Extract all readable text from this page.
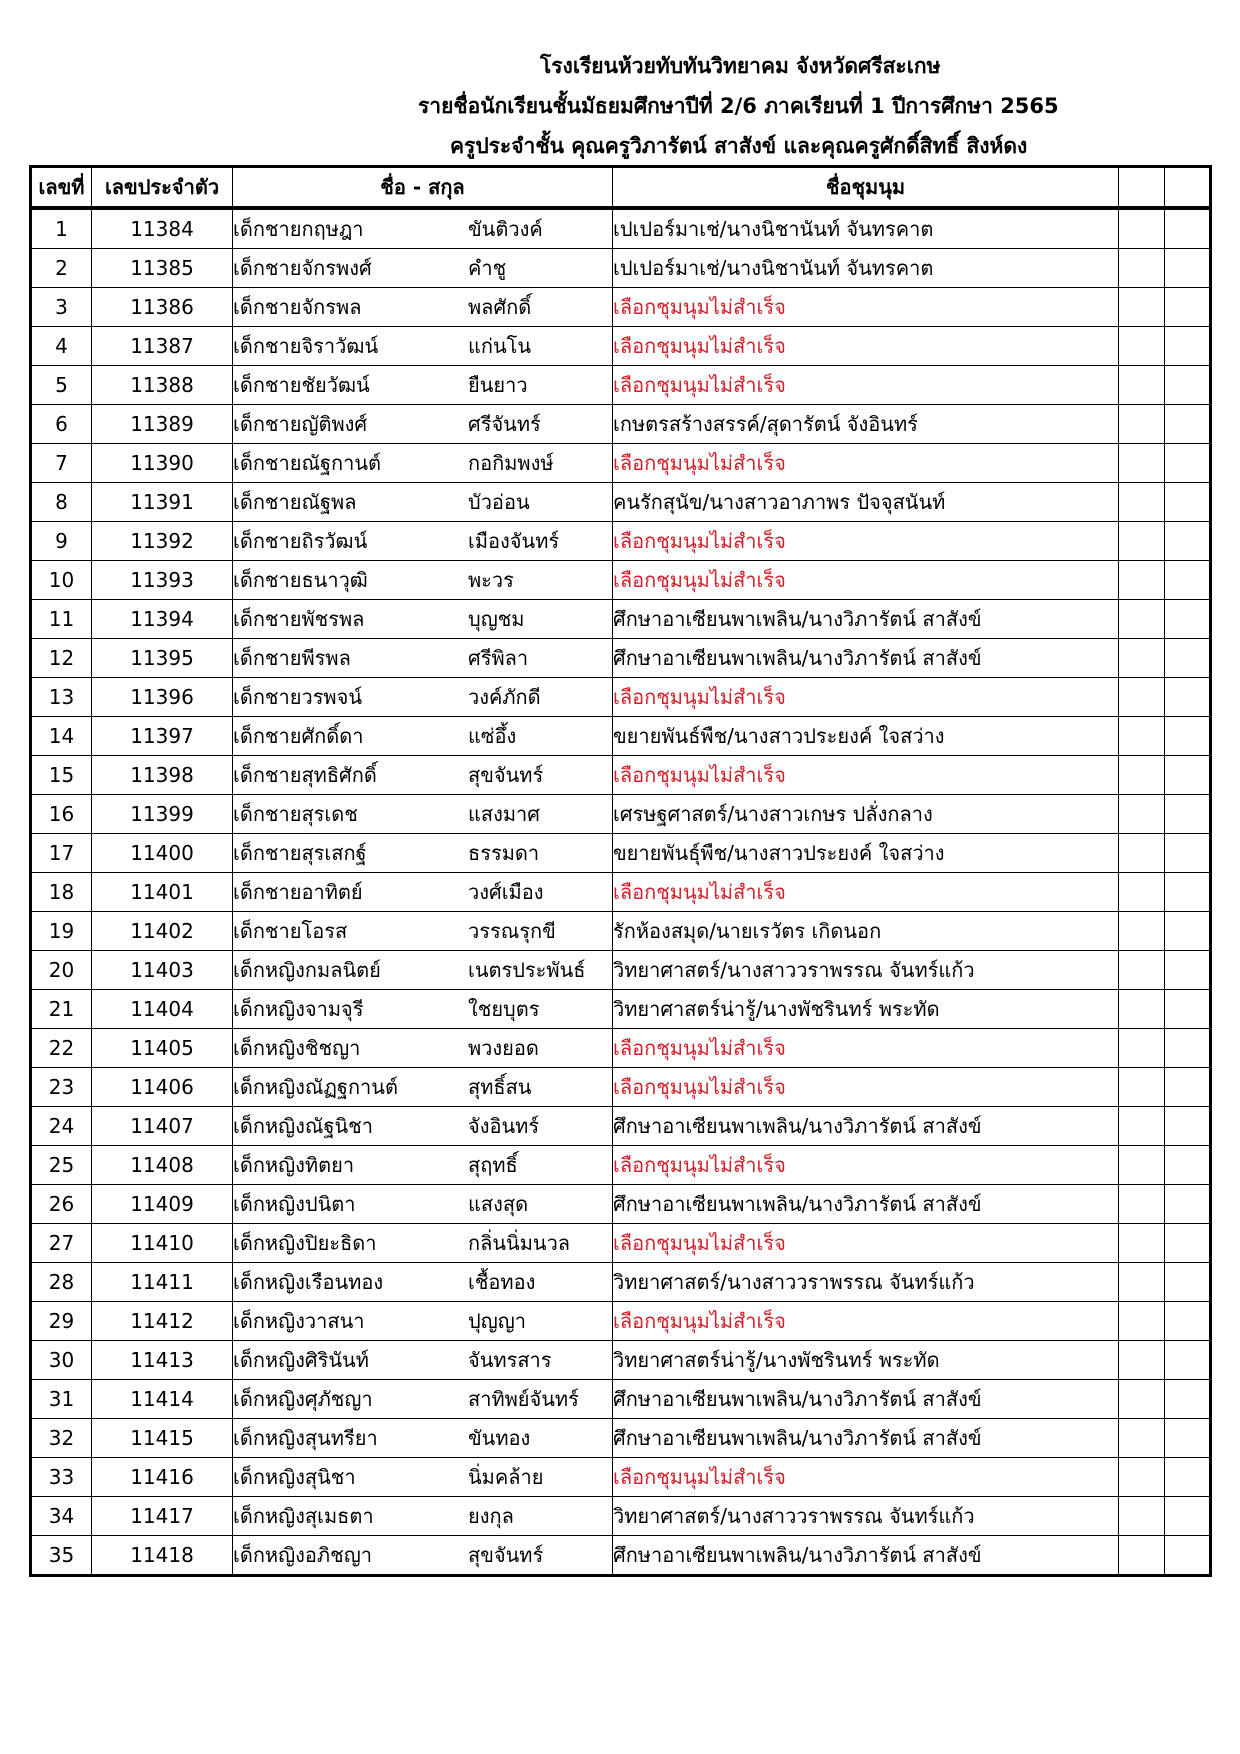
โรงเรียนห้วยทับทันวิทยาคม จังหวัดศรีสะเกษ
รายชื่อนักเรียนชั้นมัธยมศึกษาปีที่ 2/6 ภาคเรียนที่ 1 ปีการศึกษา 2565
ครูประจำชั้น คุณครูวิภารัตน์ สาสังข์ และคุณครูศักดิ์สิทธิ์ สิงห์ดง
เลขที่	เลขประจำตัว	ชื่อ - สกุล	ชื่อชุมนุม		
1	11384	เด็กชายกฤษฎา ขันติวงค์	เปเปอร์มาเช่/นางนิชานันท์ จันทรคาต		
2	11385	เด็กชายจักรพงศ์ คำชู	เปเปอร์มาเช่/นางนิชานันท์ จันทรคาต		
3	11386	เด็กชายจักรพล พลศักดิ์	เลือกชุมนุมไม่สำเร็จ		
4	11387	เด็กชายจิราวัฒน์ แก่นโน	เลือกชุมนุมไม่สำเร็จ		
5	11388	เด็กชายชัยวัฒน์ ยืนยาว	เลือกชุมนุมไม่สำเร็จ		
6	11389	เด็กชายญัติพงศ์ ศรีจันทร์	เกษตรสร้างสรรค์/สุดารัตน์ จังอินทร์		
7	11390	เด็กชายณัฐกานต์ กอกิมพงษ์	เลือกชุมนุมไม่สำเร็จ		
8	11391	เด็กชายณัฐพล บัวอ่อน	คนรักสุนัข/นางสาวอาภาพร ปัจจุสนันท์		
9	11392	เด็กชายถิรวัฒน์ เมืองจันทร์	เลือกชุมนุมไม่สำเร็จ		
10	11393	เด็กชายธนาวุฒิ พะวร	เลือกชุมนุมไม่สำเร็จ		
11	11394	เด็กชายพัชรพล บุญชม	ศึกษาอาเซียนพาเพลิน/นางวิภารัตน์ สาสังข์		
12	11395	เด็กชายพีรพล ศรีพิลา	ศึกษาอาเซียนพาเพลิน/นางวิภารัตน์ สาสังข์		
13	11396	เด็กชายวรพจน์ วงค์ภักดี	เลือกชุมนุมไม่สำเร็จ		
14	11397	เด็กชายศักดิ์ดา แซ่อึ้ง	ขยายพันธ์พืช/นางสาวประยงค์ ใจสว่าง		
15	11398	เด็กชายสุทธิศักดิ์ สุขจันทร์	เลือกชุมนุมไม่สำเร็จ		
16	11399	เด็กชายสุรเดช แสงมาศ	เศรษฐศาสตร์/นางสาวเกษร ปลั่งกลาง		
17	11400	เด็กชายสุรเสกฐ์ ธรรมดา	ขยายพันธุ์พืช/นางสาวประยงค์ ใจสว่าง		
18	11401	เด็กชายอาทิตย์ วงศ์เมือง	เลือกชุมนุมไม่สำเร็จ		
19	11402	เด็กชายโอรส วรรณรุกขี	รักห้องสมุด/นายเรวัตร เกิดนอก		
20	11403	เด็กหญิงกมลนิตย์ เนตรประพันธ์	วิทยาศาสตร์/นางสาววราพรรณ จันทร์แก้ว		
21	11404	เด็กหญิงจามจุรี ใชยบุตร	วิทยาศาสตร์น่ารู้/นางพัชรินทร์ พระทัด		
22	11405	เด็กหญิงชิชญา พวงยอด	เลือกชุมนุมไม่สำเร็จ		
23	11406	เด็กหญิงณัฏฐกานต์ สุทธิ์สน	เลือกชุมนุมไม่สำเร็จ		
24	11407	เด็กหญิงณัฐนิชา จังอินทร์	ศึกษาอาเซียนพาเพลิน/นางวิภารัตน์ สาสังข์		
25	11408	เด็กหญิงทิตยา สุฤทธิ์	เลือกชุมนุมไม่สำเร็จ		
26	11409	เด็กหญิงปนิตา แสงสุด	ศึกษาอาเซียนพาเพลิน/นางวิภารัตน์ สาสังข์		
27	11410	เด็กหญิงปิยะธิดา กลิ่นนิ่มนวล	เลือกชุมนุมไม่สำเร็จ		
28	11411	เด็กหญิงเรือนทอง เชื้อทอง	วิทยาศาสตร์/นางสาววราพรรณ จันทร์แก้ว		
29	11412	เด็กหญิงวาสนา ปุญญา	เลือกชุมนุมไม่สำเร็จ		
30	11413	เด็กหญิงศิรินันท์ จันทรสาร	วิทยาศาสตร์น่ารู้/นางพัชรินทร์ พระทัด		
31	11414	เด็กหญิงศุภัชญา สาทิพย์จันทร์	ศึกษาอาเซียนพาเพลิน/นางวิภารัตน์ สาสังข์		
32	11415	เด็กหญิงสุนทรียา ขันทอง	ศึกษาอาเซียนพาเพลิน/นางวิภารัตน์ สาสังข์		
33	11416	เด็กหญิงสุนิชา นิ่มคล้าย	เลือกชุมนุมไม่สำเร็จ		
34	11417	เด็กหญิงสุเมธตา ยงกุล	วิทยาศาสตร์/นางสาววราพรรณ จันทร์แก้ว		
35	11418	เด็กหญิงอภิชญา สุขจันทร์	ศึกษาอาเซียนพาเพลิน/นางวิภารัตน์ สาสังข์		
